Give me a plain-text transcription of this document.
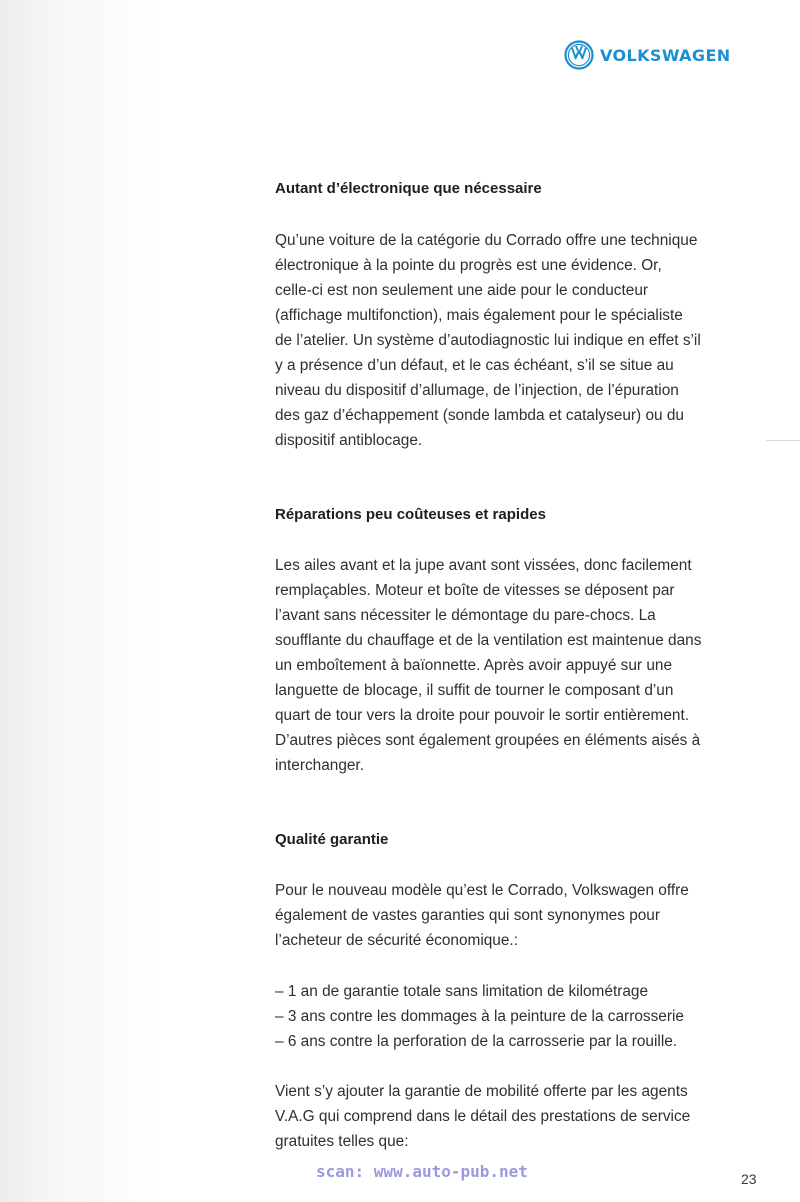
VOLKSWAGEN
Autant d’électronique que nécessaire
Qu’une voiture de la catégorie du Corrado offre une technique
électronique à la pointe du progrès est une évidence. Or,
celle-ci est non seulement une aide pour le conducteur
(affichage multifonction), mais également pour le spécialiste
de l’atelier. Un système d’autodiagnostic lui indique en effet s’il
y a présence d’un défaut, et le cas échéant, s’il se situe au
niveau du dispositif d’allumage, de l’injection, de l’épuration
des gaz d’échappement (sonde lambda et catalyseur) ou du
dispositif antiblocage.
Réparations peu coûteuses et rapides
Les ailes avant et la jupe avant sont vissées, donc facilement
remplaçables. Moteur et boîte de vitesses se déposent par
l’avant sans nécessiter le démontage du pare-chocs. La
soufflante du chauffage et de la ventilation est maintenue dans
un emboîtement à baïonnette. Après avoir appuyé sur une
languette de blocage, il suffit de tourner le composant d’un
quart de tour vers la droite pour pouvoir le sortir entièrement.
D’autres pièces sont également groupées en éléments aisés à
interchanger.
Qualité garantie
Pour le nouveau modèle qu’est le Corrado, Volkswagen offre
également de vastes garanties qui sont synonymes pour
l’acheteur de sécurité économique.:
– 1 an de garantie totale sans limitation de kilométrage
– 3 ans contre les dommages à la peinture de la carrosserie
– 6 ans contre la perforation de la carrosserie par la rouille.
Vient s’y ajouter la garantie de mobilité offerte par les agents
V.A.G qui comprend dans le détail des prestations de service
gratuites telles que:
scan: www.auto-pub.net	23
